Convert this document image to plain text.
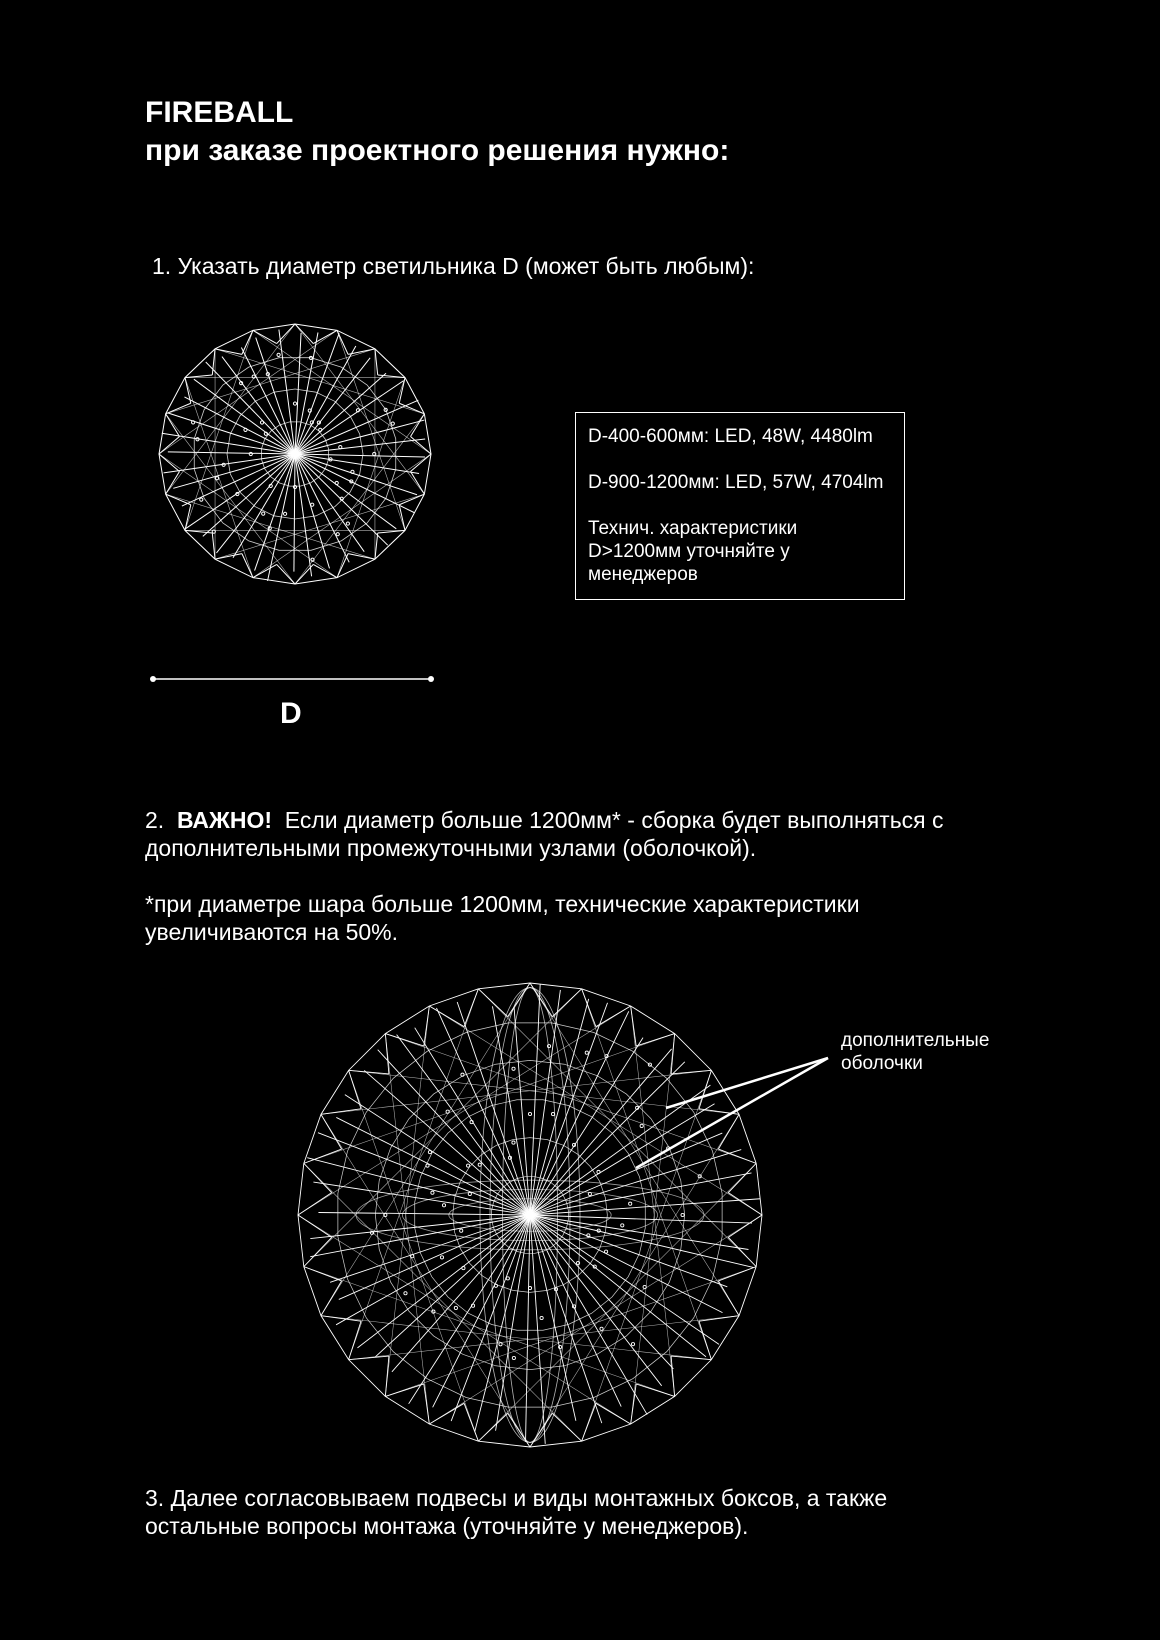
FIREBALL
при заказе проектного решения нужно:
1. Указать диаметр светильника D (может быть любым):
D

D-400-600мм: LED, 48W, 4480lm

D-900-1200мм: LED, 57W, 4704lm

Технич. характеристики

D>1200мм уточняйте у

менеджеров

2. ВАЖНО! Если диаметр больше 1200мм* - сборка будет выполняться с
дополнительными промежуточными узлами (оболочкой).
*при диаметре шара больше 1200мм, технические характеристики
увеличиваются на 50%.
дополнительные
оболочки
3. Далее согласовываем подвесы и виды монтажных боксов, а также
остальные вопросы монтажа (уточняйте у менеджеров).
